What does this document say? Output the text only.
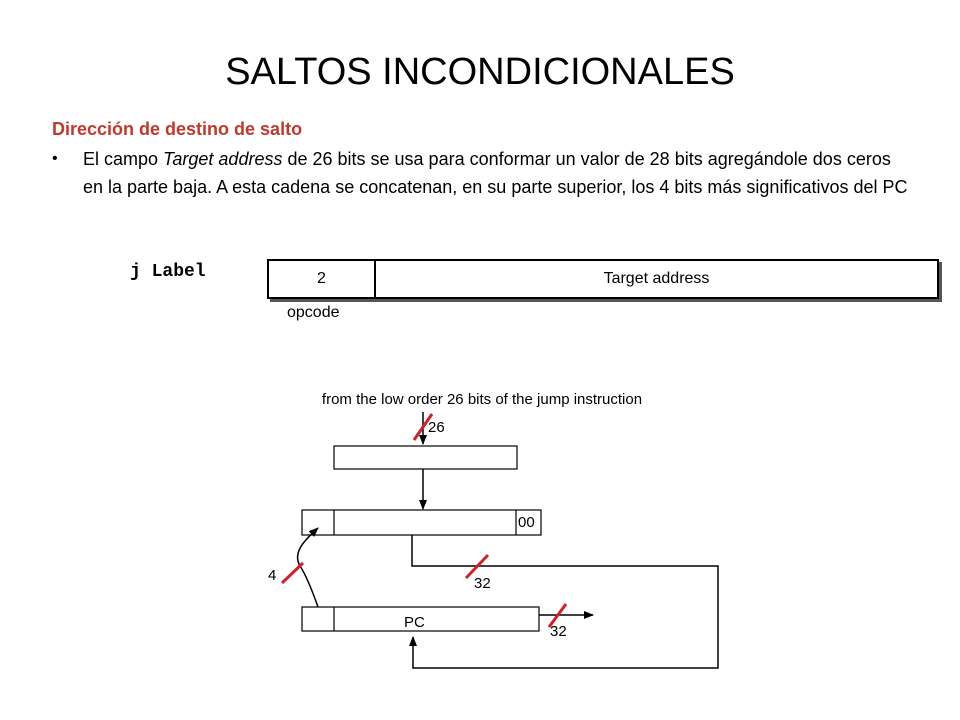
SALTOS INCONDICIONALES
Dirección de destino de salto
• El campo Target address de 26 bits se usa para conformar un valor de 28 bits agregándole dos ceros en la parte baja. A esta cadena se concatenan, en su parte superior, los 4 bits más significativos del PC
j Label	2	Target address
opcode
from the low order 26 bits of the jump instruction
26
00
32
PC
32
4
